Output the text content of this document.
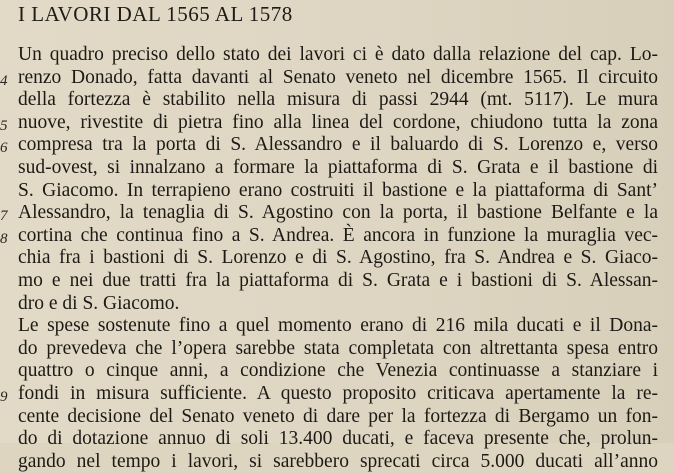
I LAVORI DAL 1565 AL 1578
Un quadro preciso dello stato dei lavori ci è dato dalla relazione del cap. Lo-
4 renzo Donado, fatta davanti al Senato veneto nel dicembre 1565. Il circuito
della fortezza è stabilito nella misura di passi 2944 (mt. 5117). Le mura
5 nuove, rivestite di pietra fino alla linea del cordone, chiudono tutta la zona
6 compresa tra la porta di S. Alessandro e il baluardo di S. Lorenzo e, verso
sud-ovest, si innalzano a formare la piattaforma di S. Grata e il bastione di
S. Giacomo. In terrapieno erano costruiti il bastione e la piattaforma di Sant’
7 Alessandro, la tenaglia di S. Agostino con la porta, il bastione Belfante e la
8 cortina che continua fino a S. Andrea. È ancora in funzione la muraglia vec-
chia fra i bastioni di S. Lorenzo e di S. Agostino, fra S. Andrea e S. Giaco-
mo e nei due tratti fra la piattaforma di S. Grata e i bastioni di S. Alessan-
dro e di S. Giacomo.
Le spese sostenute fino a quel momento erano di 216 mila ducati e il Dona-
do prevedeva che l’opera sarebbe stata completata con altrettanta spesa entro
quattro o cinque anni, a condizione che Venezia continuasse a stanziare i
9 fondi in misura sufficiente. A questo proposito criticava apertamente la re-
cente decisione del Senato veneto di dare per la fortezza di Bergamo un fon-
do di dotazione annuo di soli 13.400 ducati, e faceva presente che, prolun-
gando nel tempo i lavori, si sarebbero sprecati circa 5.000 ducati all’anno
